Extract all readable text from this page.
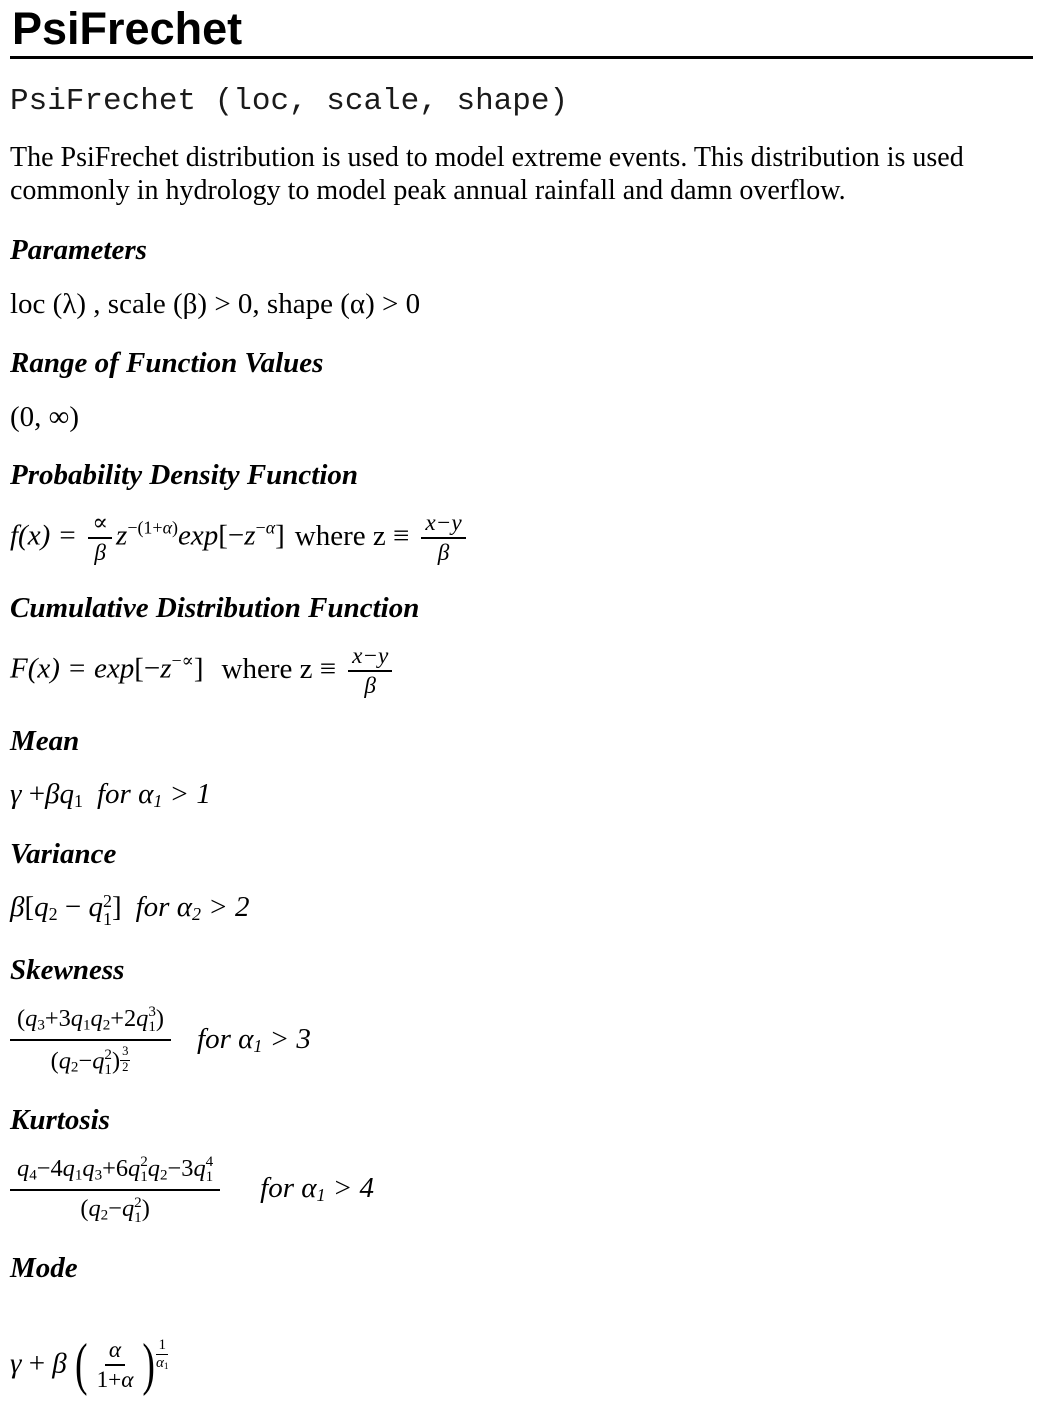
PsiFrechet
PsiFrechet (loc, scale, shape)

The PsiFrechet distribution is used to model extreme events. This distribution is used commonly in hydrology to model peak annual rainfall and damn overflow.

Parameters
loc (λ) , scale (β) > 0, shape (α) > 0
Range of Function Values
(0, ∞)
Probability Density Function
$f(x) = \frac{\propto}{\beta} z^{-(1+\alpha)}\exp[-z^{-\alpha}]$ where $z \equiv \frac{x-y}{\beta}$
Cumulative Distribution Function
F(x) = exp[−z−∝] where $z \equiv \frac{x-y}{\beta}$
Mean
γ +βq1 for α1 > 1
Variance
β[q2 − q 2
1 ] for α2 > 2
Skewness
(q3+3q1q2+2q 3
1 )
(q2−q 2
1 ) $\frac{3}{2}$ for α1 > 3
Kurtosis
q4−4q1q3+6q 2
1 q2−3q 4
1
(q2−q 2
1 ) for α1 > 4
Mode
γ + β ( $\frac{\alpha}{1+\alpha}$ ) $\frac{1}{\alpha 1}$
